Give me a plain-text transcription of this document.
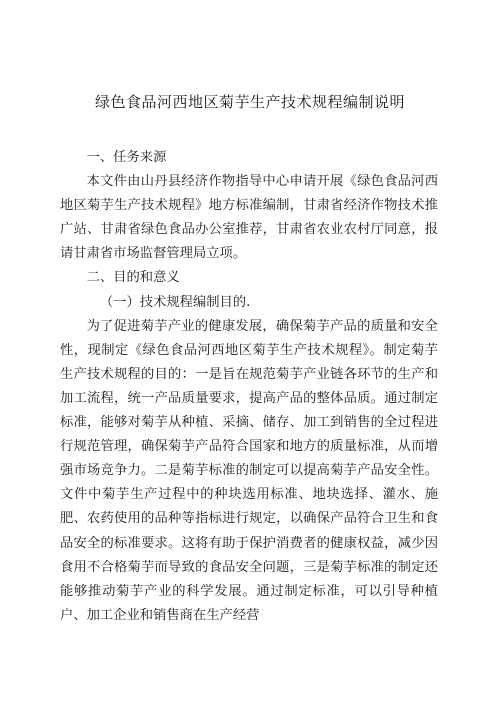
绿色食品河西地区菊芋生产技术规程编制说明

一、任务来源

本文件由山丹县经济作物指导中心申请开展《绿色食品河西地区菊芋生产技术规程》地方标准编制，甘肃省经济作物技术推广站、甘肃省绿色食品办公室推荐，甘肃省农业农村厅同意，报请甘肃省市场监督管理局立项。

二、目的和意义

（一）技术规程编制目的.

为了促进菊芋产业的健康发展，确保菊芋产品的质量和安全性，现制定《绿色食品河西地区菊芋生产技术规程》。制定菊芋生产技术规程的目的：一是旨在规范菊芋产业链各环节的生产和加工流程，统一产品质量要求，提高产品的整体品质。通过制定标准，能够对菊芋从种植、采摘、储存、加工到销售的全过程进行规范管理，确保菊芋产品符合国家和地方的质量标准，从而增强市场竞争力。二是菊芋标准的制定可以提高菊芋产品安全性。文件中菊芋生产过程中的种块选用标准、地块选择、灌水、施肥、农药使用的品种等指标进行规定，以确保产品符合卫生和食品安全的标准要求。这将有助于保护消费者的健康权益，减少因食用不合格菊芋而导致的食品安全问题，三是菊芋标准的制定还能够推动菊芋产业的科学发展。通过制定标准，可以引导种植户、加工企业和销售商在生产经营
